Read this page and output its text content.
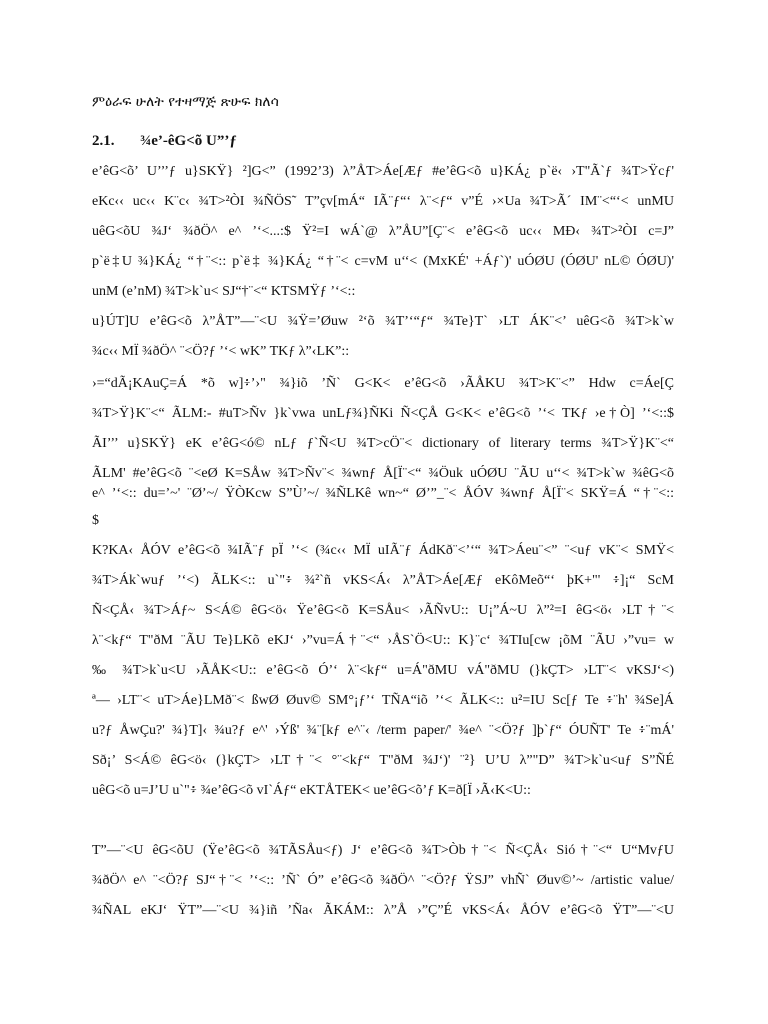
ምዕራፍ ሁለት የተዛማጅ ጽሁፍ ክለሳ
2.1. ¾e’-êG<õ U”’ƒ
e’êG<õ’ U’’’ƒ u}SKŸ} ²]G<” (1992’3) ⁠λ”ÅT>Áe[Æƒ #e’êG<õ u}KÁ¿ p`ë‹ ›T"Ã`ƒ ¾T>Ÿcƒ'
eKc‹‹ uc‹‹ K¨c‹ ¾T>²ÒI ¾ÑÖS˜ T”çv[mÁ“ IÃ¨ƒ“‘ ⁠λ¨<ƒ“ v”É ›×Ua ¾T>Ã´ IM¨<“‘< unMU
uêG<õU ¾J‘ ¾ðÖ^ e^ ’‘<...:$ Ÿ²=I wÁ`@ ⁠λ”ÅU”[Ç¨< e’êG<õ uc‹‹ MÐ‹ ¾T>²ÒI c=J”
p`ë‡U ¾}KÁ¿ “†¨<:: p`ë‡ ¾}KÁ¿ “†¨< c=vM u‘‘< (MxKÉ' +Áƒ`)' uÓØU (ÓØU' nL© ÓØU)'
unM (e’nM) ¾T>k`u< SJ“†¨<“ KTSMŸƒ ’‘<::
u}ÚT]U e’êG<õ λ”ÅT”—¨<U ¾Ÿ=’Øuw ²‘õ ¾T’‘“ƒ“ ¾Te}T` ›LT ÁK¨<’ uêG<õ ¾T>k`w
¾c‹‹ MÏ ¾ðÖ^ ¨<Ö?ƒ ’‘< wK” TKƒ ⁠λ”‹LK”::
›=“dÃ¡KAuÇ=Á *õ w]፥’›" ¾}iõ ’Ñ` G<K< e’êG<õ ›ÃÅKU ¾T>K¨<” Hdw c=Áe[Ç
¾T>Ÿ}K¨<“ ÃLM:- #uT>Ñv }k`vwa unLƒ¾}ÑKi Ñ<ÇÅ G<K< e’êG<õ ’‘< TKƒ ›e†Ò] ’‘<::$
ÃI’’’ u}SKŸ} eK e’êG<ó© nLƒ ƒ`Ñ<U ¾T>cÖ¨< dictionary of literary terms ¾T>Ÿ}K¨<“
ÃLM' #e’êG<õ ¨<eØ K=SÅw ¾T>Ñv¨< ¾wnƒ Å[Ï¨<“ ¾Öuk uÓØU ¨ÃU u‘‘< ¾T>k`w ¾êG<õ
e^ ’‘<:: du=’~' ¨Ø’~/ ŸÒKcw S”Ù’~/ ¾ÑLKê wn~“ Ø’”_¨< ÅÓV ¾wnƒ Å[Ï¨< SKŸ=Á “†¨<::
$
K?KA‹ ÅÓV e’êG<õ ¾IÃ¨ƒ pÏ ’‘< (¾c‹‹ MÏ uIÃ¨ƒ ÁdKð¨<’‘“ ¾T>Áeu¨<” ¨<uƒ vK¨< SMŸ<
¾T>Ák`wuƒ ’‘<) ÃLK<:: u`"፥⁠ ¾²`ñ vKS<Á‹ λ”ÅT>Áe[Æƒ eKôMeõ“‘ þK+"' ፥]¡“ ScM
Ñ<ÇÅ‹ ¾T>Áƒ~ S<Á© êG<ö‹ Ÿe’êG<õ K=SÅu< ›ÃÑvU:: U¡”Á~U ⁠λ”²=I êG<ö‹ ›LT†¨<
⁠λ¨<kƒ“ T"ðM ¨ÃU Te}LKõ eKJ‘ ›”vu=Á†¨<“ ›ÅS`Ö<U:: K}¨c‘ ¾TIu[cw ¡õM ¨ÃU ›”vu= w
‰ ¾T>k`u<U ›ÃÅK<U:: e’êG<õ Ó’‘ ⁠λ¨<kƒ“ u=Á"ðMU vÁ"ðMU (}kÇT> ›LT¨< vKSJ‘<)
ª— ›LT¨< uT>Áe}LMð¨< ßwØ Øuv© SM°¡ƒ’‘ TÑA“iõ ’‘< ÃLK<:: u²=IU Sc[ƒ Te ፥¨h' ¾Se]Á
u?ƒ ÅwÇu?' ¾}T]‹ ¾u?ƒ e^' ›Ýß' ¾¨[kƒ e^¨‹ /term paper/' ¾e^ ¨<Ö?ƒ ]þ`ƒ“ ÓUÑT' Te ፥¨mÁ'
Sð¡’ S<Á© êG<ö‹ (}kÇT> ›LT†¨< °¨<kƒ“ T"ðM ¾J‘)' ¨²} U’U ⁠λ”"D” ¾T>k`u<uƒ S”ÑÉ
uêG<õ u=J’U u`"፥⁠ ¾e’êG<õ vI`Áƒ“ eKTÅTEK< ue’êG<õ’ƒ K=ð[Ï ›Ã‹K<U::
T”—¨<U êG<õU (Ÿe’êG<õ ¾TÃSÅu<ƒ) J‘ e’êG<õ ¾T>Òb†¨< Ñ<ÇÅ‹ Sió†¨<“ U“MvƒU
¾ðÖ^ e^ ¨<Ö?ƒ SJ“†¨< ’‘<:: ’Ñ` Ó” e’êG<õ ¾ðÖ^ ¨<Ö?ƒ ŸSJ” vhÑ` Øuv©’~ /artistic value/
¾ÑAL eKJ‘ ŸT”—¨<U ¾}iñ ’Ña‹ ÃKÁM:: ⁠λ”Å ›”Ç”É vKS<Á‹ ÅÓV e’êG<õ ŸT”—¨<U
